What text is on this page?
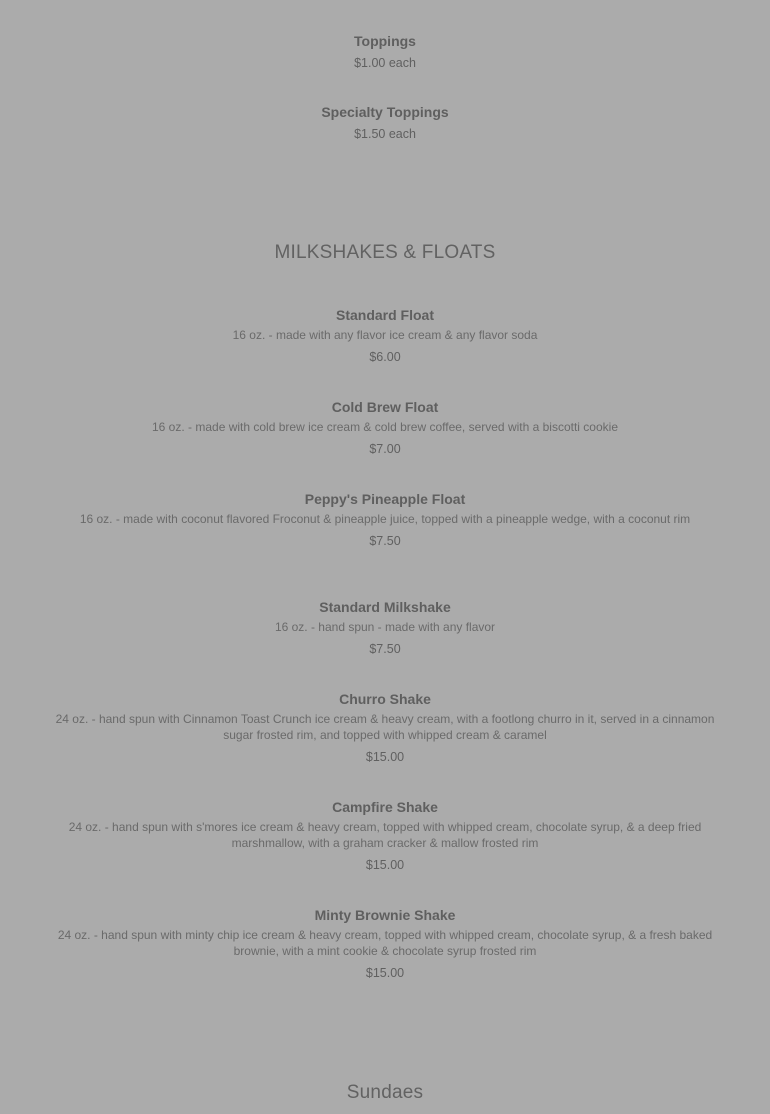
Toppings
$1.00 each
Specialty Toppings
$1.50 each
MILKSHAKES & FLOATS
Standard Float
16 oz. - made with any flavor ice cream & any flavor soda
$6.00
Cold Brew Float
16 oz. - made with cold brew ice cream & cold brew coffee, served with a biscotti cookie
$7.00
Peppy's Pineapple Float
16 oz. - made with coconut flavored Froconut & pineapple juice, topped with a pineapple wedge, with a coconut rim
$7.50
Standard Milkshake
16 oz. - hand spun - made with any flavor
$7.50
Churro Shake
24 oz. - hand spun with Cinnamon Toast Crunch ice cream & heavy cream, with a footlong churro in it, served in a cinnamon sugar frosted rim, and topped with whipped cream & caramel
$15.00
Campfire Shake
24 oz. - hand spun with s'mores ice cream & heavy cream, topped with whipped cream, chocolate syrup, & a deep fried marshmallow, with a graham cracker & mallow frosted rim
$15.00
Minty Brownie Shake
24 oz. - hand spun with minty chip ice cream & heavy cream, topped with whipped cream, chocolate syrup, & a fresh baked brownie, with a mint cookie & chocolate syrup frosted rim
$15.00
Sundaes
